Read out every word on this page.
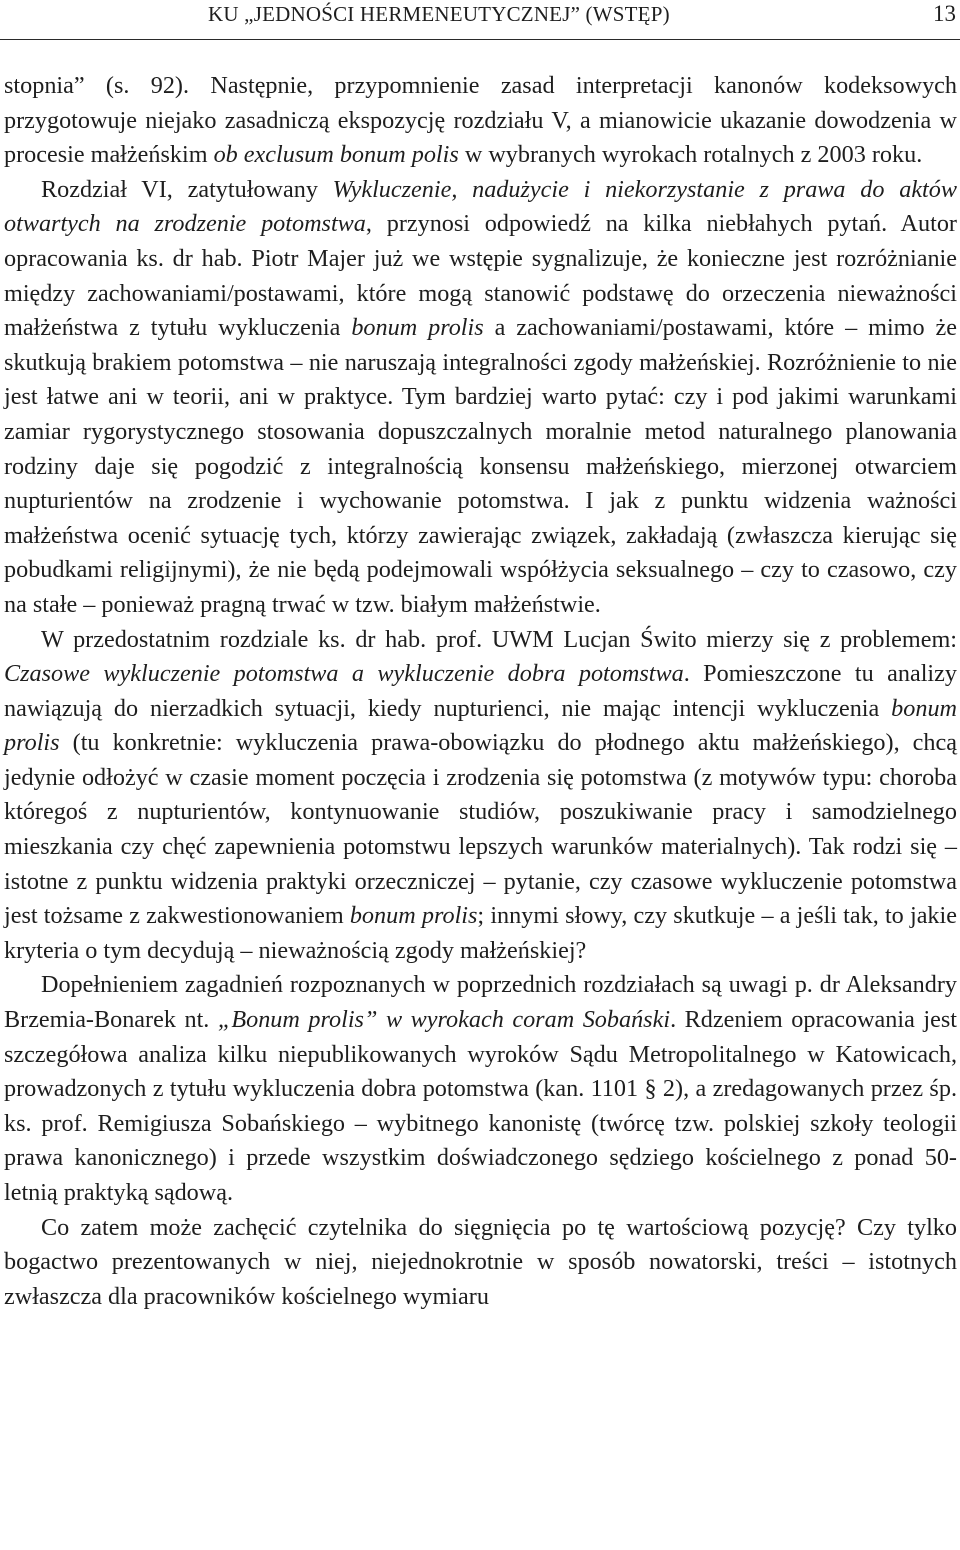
KU „JEDNOŚCI HERMENEUTYCZNEJ” (WSTĘP)	13

stopnia” (s. 92). Następnie, przypomnienie zasad interpretacji kanonów kodeksowych przygotowuje niejako zasadniczą ekspozycję rozdziału V, a mianowicie ukazanie dowodzenia w procesie małżeńskim ob exclusum bonum polis w wybranych wyrokach rotalnych z 2003 roku.

Rozdział VI, zatytułowany Wykluczenie, nadużycie i niekorzystanie z prawa do aktów otwartych na zrodzenie potomstwa, przynosi odpowiedź na kilka niebłahych pytań. Autor opracowania ks. dr hab. Piotr Majer już we wstępie sygnalizuje, że konieczne jest rozróżnianie między zachowaniami/postawami, które mogą stanowić podstawę do orzeczenia nieważności małżeństwa z tytułu wykluczenia bonum prolis a zachowaniami/postawami, które – mimo że skutkują brakiem potomstwa – nie naruszają integralności zgody małżeńskiej. Rozróżnienie to nie jest łatwe ani w teorii, ani w praktyce. Tym bardziej warto pytać: czy i pod jakimi warunkami zamiar rygorystycznego stosowania dopuszczalnych moralnie metod naturalnego planowania rodziny daje się pogodzić z integralnością konsensu małżeńskiego, mierzonej otwarciem nupturientów na zrodzenie i wychowanie potomstwa. I jak z punktu widzenia ważności małżeństwa ocenić sytuację tych, którzy zawierając związek, zakładają (zwłaszcza kierując się pobudkami religijnymi), że nie będą podejmowali współżycia seksualnego – czy to czasowo, czy na stałe – ponieważ pragną trwać w tzw. białym małżeństwie.

W przedostatnim rozdziale ks. dr hab. prof. UWM Lucjan Świto mierzy się z problemem: Czasowe wykluczenie potomstwa a wykluczenie dobra potomstwa. Pomieszczone tu analizy nawiązują do nierzadkich sytuacji, kiedy nupturienci, nie mając intencji wykluczenia bonum prolis (tu konkretnie: wykluczenia prawa-obowiązku do płodnego aktu małżeńskiego), chcą jedynie odłożyć w czasie moment poczęcia i zrodzenia się potomstwa (z motywów typu: choroba któregoś z nupturientów, kontynuowanie studiów, poszukiwanie pracy i samodzielnego mieszkania czy chęć zapewnienia potomstwu lepszych warunków materialnych). Tak rodzi się – istotne z punktu widzenia praktyki orzeczniczej – pytanie, czy czasowe wykluczenie potomstwa jest tożsame z zakwestionowaniem bonum prolis; innymi słowy, czy skutkuje – a jeśli tak, to jakie kryteria o tym decydują – nieważnością zgody małżeńskiej?

Dopełnieniem zagadnień rozpoznanych w poprzednich rozdziałach są uwagi p. dr Aleksandry Brzemia-Bonarek nt. „Bonum prolis” w wyrokach coram Sobański. Rdzeniem opracowania jest szczegółowa analiza kilku niepublikowanych wyroków Sądu Metropolitalnego w Katowicach, prowadzonych z tytułu wykluczenia dobra potomstwa (kan. 1101 § 2), a zredagowanych przez śp. ks. prof. Remigiusza Sobańskiego – wybitnego kanonistę (twórcę tzw. polskiej szkoły teologii prawa kanonicznego) i przede wszystkim doświadczonego sędziego kościelnego z ponad 50-letnią praktyką sądową.

Co zatem może zachęcić czytelnika do sięgnięcia po tę wartościową pozycję? Czy tylko bogactwo prezentowanych w niej, niejednokrotnie w sposób nowatorski, treści – istotnych zwłaszcza dla pracowników kościelnego wymiaru
